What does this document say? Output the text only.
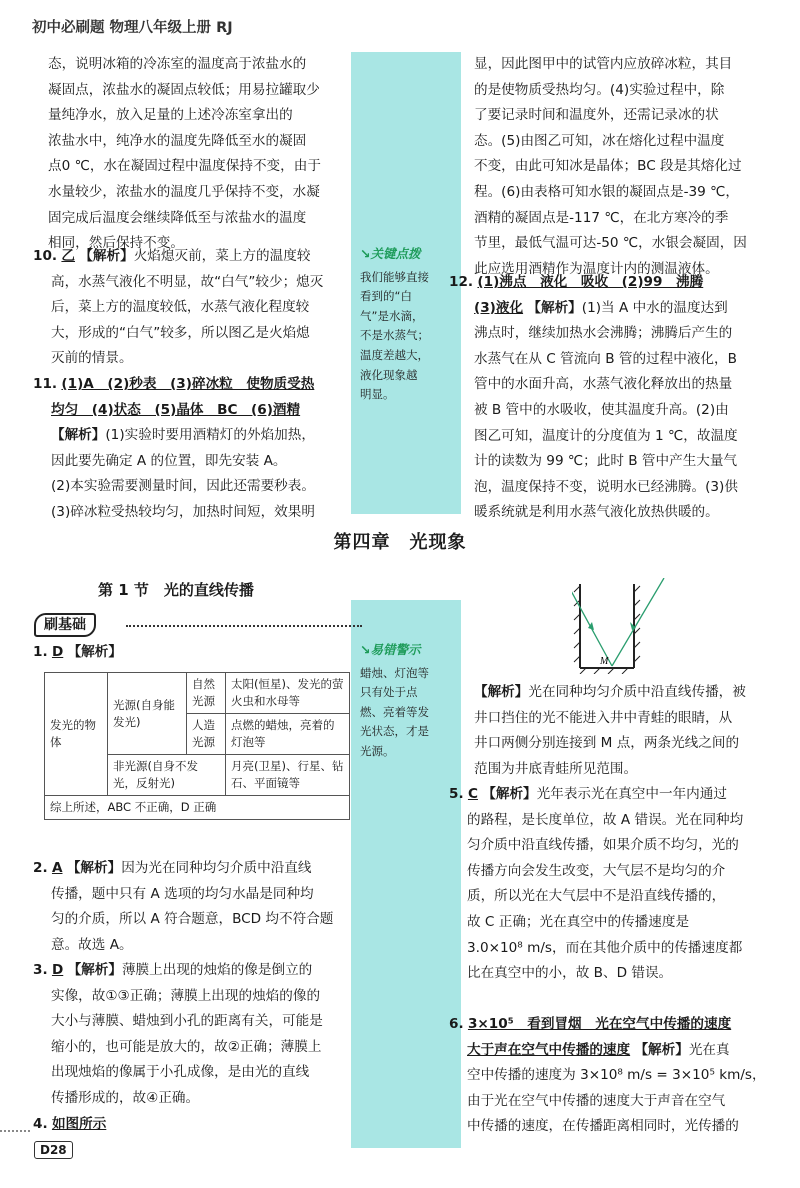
初中必刷题 物理八年级上册 RJ

态，说明冰箱的冷冻室的温度高于浓盐水的

凝固点，浓盐水的凝固点较低；用易拉罐取少

量纯净水，放入足量的上述冷冻室拿出的

浓盐水中，纯净水的温度先降低至水的凝固

点0 ℃，水在凝固过程中温度保持不变，由于

水量较少，浓盐水的温度几乎保持不变，水凝

固完成后温度会继续降低至与浓盐水的温度

相同，然后保持不变。

10. 乙 【解析】火焰熄灭前，菜上方的温度较

高，水蒸气液化不明显，故“白气”较少；熄灭

后，菜上方的温度较低，水蒸气液化程度较

大，形成的“白气”较多，所以图乙是火焰熄

灭前的情景。

11. (1)A　(2)秒表　(3)碎冰粒　使物质受热

均匀　(4)状态　(5)晶体　BC　(6)酒精

【解析】(1)实验时要用酒精灯的外焰加热，

因此要先确定 A 的位置，即先安装 A。

(2)本实验需要测量时间，因此还需要秒表。

(3)碎冰粒受热较均匀，加热时间短，效果明

↘关键点拨
我们能够直接
看到的“白
气”是水滴，
不是水蒸气；
温度差越大，
液化现象越
明显。

显，因此图甲中的试管内应放碎冰粒，其目

的是使物质受热均匀。(4)实验过程中，除

了要记录时间和温度外，还需记录冰的状

态。(5)由图乙可知，冰在熔化过程中温度

不变，由此可知冰是晶体；BC 段是其熔化过

程。(6)由表格可知水银的凝固点是-39 ℃，

酒精的凝固点是-117 ℃，在北方寒冷的季

节里，最低气温可达-50 ℃，水银会凝固，因

此应选用酒精作为温度计内的测温液体。

12. (1)沸点　液化　吸收　(2)99　沸腾

(3)液化 【解析】(1)当 A 中水的温度达到

沸点时，继续加热水会沸腾；沸腾后产生的

水蒸气在从 C 管流向 B 管的过程中液化，B

管中的水面升高，水蒸气液化释放出的热量

被 B 管中的水吸收，使其温度升高。(2)由

图乙可知，温度计的分度值为 1 ℃，故温度

计的读数为 99 ℃；此时 B 管中产生大量气

泡，温度保持不变，说明水已经沸腾。(3)供

暖系统就是利用水蒸气液化放热供暖的。

第四章　光现象
第 1 节　光的直线传播
刷基础

1. D 【解析】

发光的物体	光源(自身能发光)	自然光源	太阳(恒星)、发光的萤火虫和水母等
		人造光源	点燃的蜡烛，亮着的灯泡等
	非光源(自身不发光，反射光)		月亮(卫星)、行星、钻石、平面镜等
综上所述，ABC 不正确，D 正确			
↘易错警示
蜡烛、灯泡等
只有处于点
燃、亮着等发
光状态，才是
光源。

2. A 【解析】因为光在同种均匀介质中沿直线

传播，题中只有 A 选项的均匀水晶是同种均

匀的介质，所以 A 符合题意，BCD 均不符合题

意。故选 A。

3. D 【解析】薄膜上出现的烛焰的像是倒立的

实像，故①③正确；薄膜上出现的烛焰的像的

大小与薄膜、蜡烛到小孔的距离有关，可能是

缩小的，也可能是放大的，故②正确；薄膜上

出现烛焰的像属于小孔成像，是由光的直线

传播形成的，故④正确。

4. 如图所示

M

【解析】光在同种均匀介质中沿直线传播，被

井口挡住的光不能进入井中青蛙的眼睛，从

井口两侧分别连接到 M 点，两条光线之间的

范围为井底青蛙所见范围。

5. C 【解析】光年表示光在真空中一年内通过

的路程，是长度单位，故 A 错误。光在同种均

匀介质中沿直线传播，如果介质不均匀，光的

传播方向会发生改变，大气层不是均匀的介

质，所以光在大气层中不是沿直线传播的，

故 C 正确；光在真空中的传播速度是

3.0×10⁸ m/s，而在其他介质中的传播速度都

比在真空中的小，故 B、D 错误。

6. 3×10⁵　看到冒烟　光在空气中传播的速度

大于声在空气中传播的速度 【解析】光在真

空中传播的速度为 3×10⁸ m/s = 3×10⁵ km/s，

由于光在空气中传播的速度大于声音在空气

中传播的速度，在传播距离相同时，光传播的

D28
